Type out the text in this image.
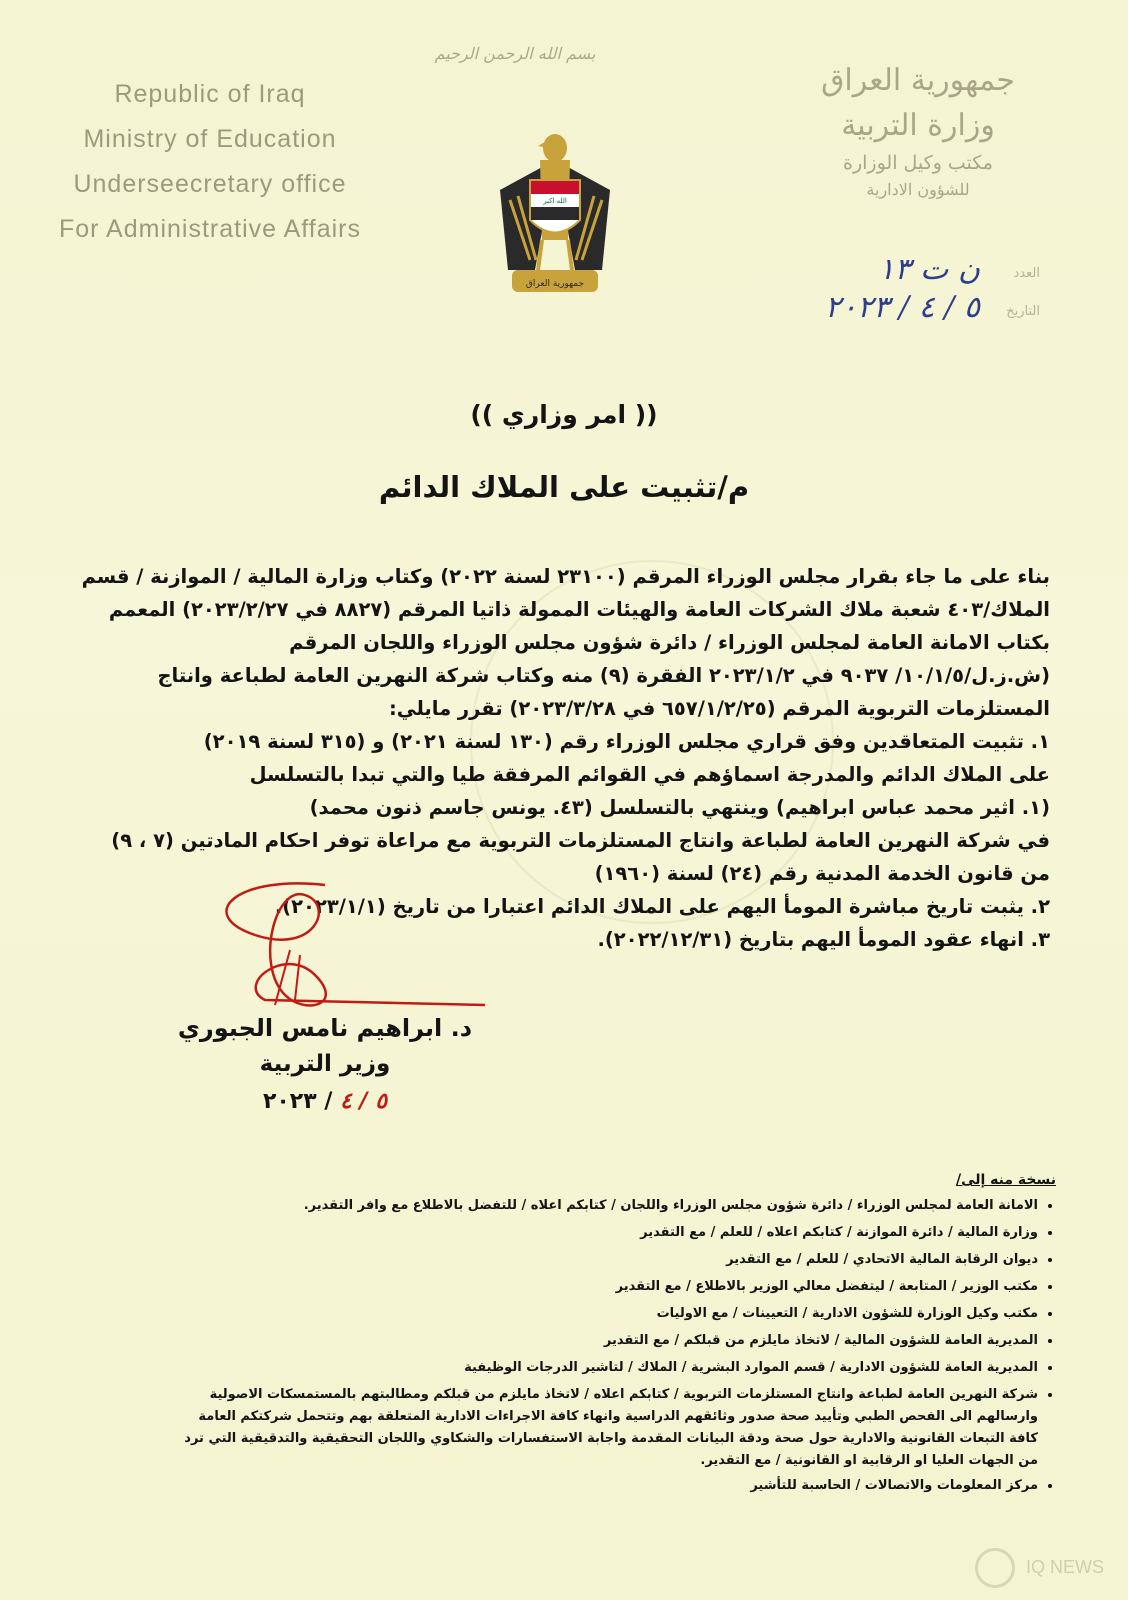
Republic of Iraq
Ministry of Education
Underseecretary office
For Administrative Affairs
بسم الله الرحمن الرحيم
الله اكبر
جمهورية العراق
جمهورية العراق
وزارة التربية
مكتب وكيل الوزارة
للشؤون الادارية
العدد
ن ت ١٣
التاريخ
٥ / ٤ / ٢٠٢٣
(( امر وزاري ))
م/تثبيت على الملاك الدائم

بناء على ما جاء بقرار مجلس الوزراء المرقم (٢٣١٠٠ لسنة ٢٠٢٢) وكتاب وزارة المالية / الموازنة / قسم

الملاك/٤٠٣ شعبة ملاك الشركات العامة والهيئات الممولة ذاتيا المرقم (٨٨٢٧ في ٢٠٢٣/٢/٢٧) المعمم

بكتاب الامانة العامة لمجلس الوزراء / دائرة شؤون مجلس الوزراء واللجان المرقم

(ش.ز.ل/١٠/١/٥/ ٩٠٣٧ في ٢٠٢٣/١/٢ الفقرة (٩) منه وكتاب شركة النهرين العامة لطباعة وانتاج

المستلزمات التربوية المرقم (٦٥٧/١/٢/٢٥ في ٢٠٢٣/٣/٢٨) تقرر مايلي:

١. تثبيت المتعاقدين وفق قراري مجلس الوزراء رقم (١٣٠ لسنة ٢٠٢١) و (٣١٥ لسنة ٢٠١٩)

على الملاك الدائم والمدرجة اسماؤهم في القوائم المرفقة طيا والتي تبدا بالتسلسل

(١. اثير محمد عباس ابراهيم) وينتهي بالتسلسل (٤٣. يونس جاسم ذنون محمد)

في شركة النهرين العامة لطباعة وانتاج المستلزمات التربوية مع مراعاة توفر احكام المادتين (٧ ، ٩)

من قانون الخدمة المدنية رقم (٢٤) لسنة (١٩٦٠)

٢. يثبت تاريخ مباشرة المومأ اليهم على الملاك الدائم اعتبارا من تاريخ (٢٠٢٣/١/١).

٣. انهاء عقود المومأ اليهم بتاريخ (٢٠٢٢/١٢/٣١).

د. ابراهيم نامس الجبوري
وزير التربية
٥ / ٤ / ٢٠٢٣
نسخة منه إلى/
• الامانة العامة لمجلس الوزراء / دائرة شؤون مجلس الوزراء واللجان / كتابكم اعلاه / للتفضل بالاطلاع مع وافر التقدير.
• وزارة المالية / دائرة الموازنة / كتابكم اعلاه / للعلم / مع التقدير
• ديوان الرقابة المالية الاتحادي / للعلم / مع التقدير
• مكتب الوزير / المتابعة / ليتفضل معالي الوزير بالاطلاع / مع التقدير
• مكتب وكيل الوزارة للشؤون الادارية / التعيينات / مع الاوليات
• المديرية العامة للشؤون المالية / لاتخاذ مايلزم من قبلكم / مع التقدير
• المديرية العامة للشؤون الادارية / قسم الموارد البشرية / الملاك / لتاشير الدرجات الوظيفية
• شركة النهرين العامة لطباعة وانتاج المستلزمات التربوية / كتابكم اعلاه / لاتخاذ مايلزم من قبلكم ومطالبتهم بالمستمسكات الاصولية
وارسالهم الى الفحص الطبي وتأييد صحة صدور وثائقهم الدراسية وانهاء كافة الاجراءات الادارية المتعلقة بهم وتتحمل شركتكم العامة
كافة التبعات القانونية والادارية حول صحة ودقة البيانات المقدمة واجابة الاستفسارات والشكاوي واللجان التحقيقية والتدقيقية التي ترد
من الجهات العليا او الرقابية او القانونية / مع التقدير.
• مركز المعلومات والاتصالات / الحاسبة للتأشير
IQ NEWS
